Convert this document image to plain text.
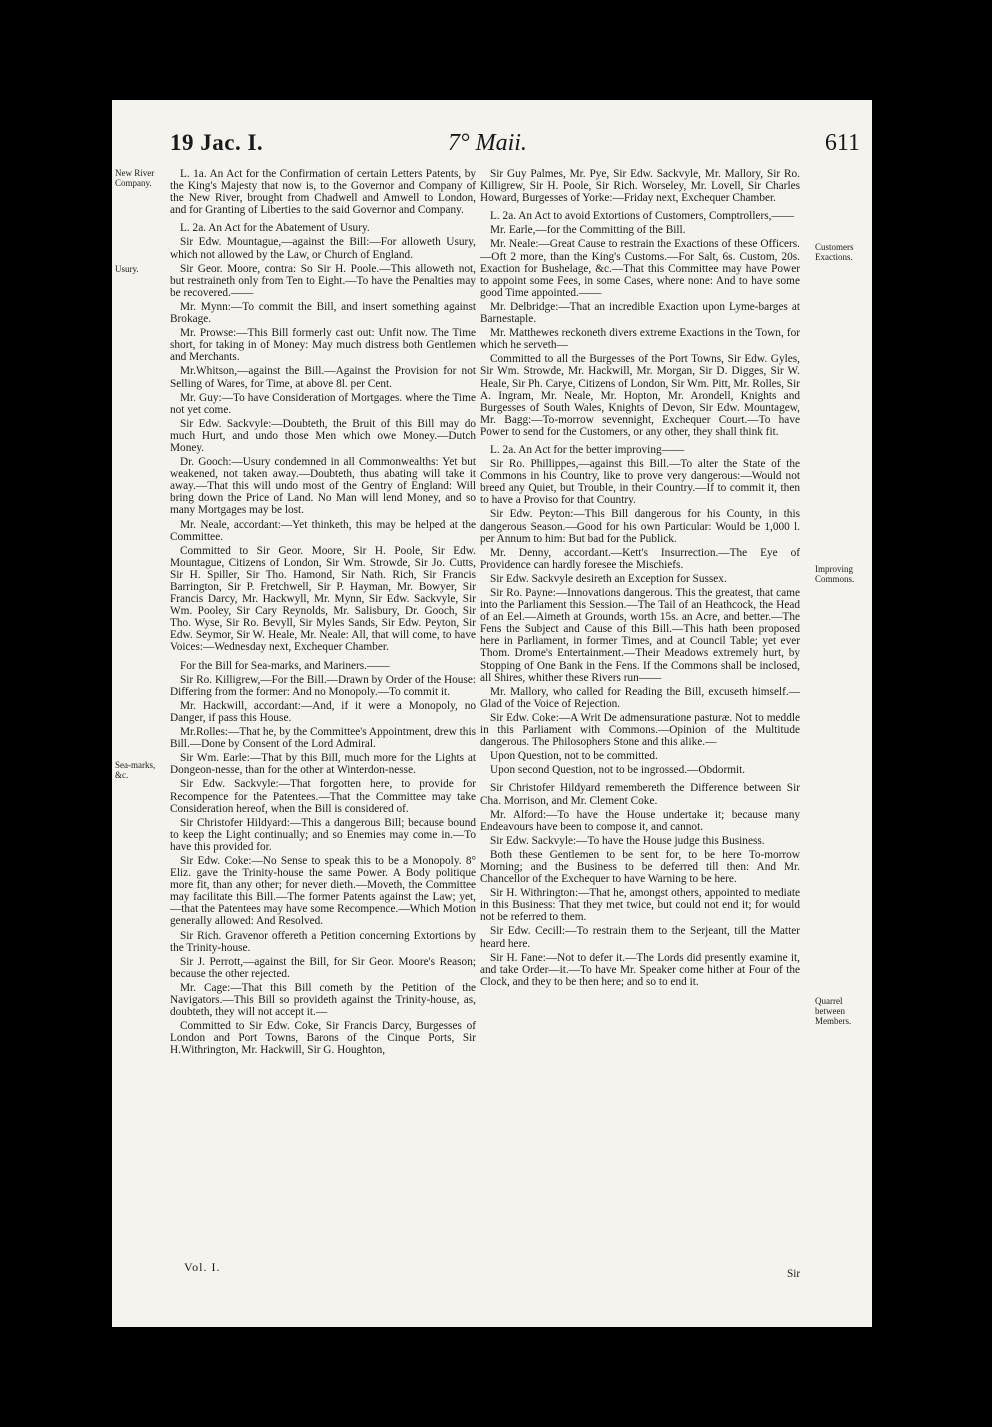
19 Jac. I.	7° Maii.	611
New River Company.
Usury.
Sea-marks, &c.
Customers Exactions.
Improving Commons.
Quarrel between Members.

L. 1a. An Act for the Confirmation of certain Letters Patents, by the King's Majesty that now is, to the Governor and Company of the New River, brought from Chadwell and Amwell to London, and for Granting of Liberties to the said Governor and Company.

L. 2a. An Act for the Abatement of Usury.

Sir Edw. Mountague,—against the Bill:—For alloweth Usury, which not allowed by the Law, or Church of England.

Sir Geor. Moore, contra: So Sir H. Poole.—This alloweth not, but restraineth only from Ten to Eight.—To have the Penalties may be recovered.——

Mr. Mynn:—To commit the Bill, and insert something against Brokage.

Mr. Prowse:—This Bill formerly cast out: Unfit now. The Time short, for taking in of Money: May much distress both Gentlemen and Merchants.

Mr.Whitson,—against the Bill.—Against the Provision for not Selling of Wares, for Time, at above 8l. per Cent.

Mr. Guy:—To have Consideration of Mortgages. where the Time not yet come.

Sir Edw. Sackvyle:—Doubteth, the Bruit of this Bill may do much Hurt, and undo those Men which owe Money.—Dutch Money.

Dr. Gooch:—Usury condemned in all Commonwealths: Yet but weakened, not taken away.—Doubteth, thus abating will take it away.—That this will undo most of the Gentry of England: Will bring down the Price of Land. No Man will lend Money, and so many Mortgages may be lost.

Mr. Neale, accordant:—Yet thinketh, this may be helped at the Committee.

Committed to Sir Geor. Moore, Sir H. Poole, Sir Edw. Mountague, Citizens of London, Sir Wm. Strowde, Sir Jo. Cutts, Sir H. Spiller, Sir Tho. Hamond, Sir Nath. Rich, Sir Francis Barrington, Sir P. Fretchwell, Sir P. Hayman, Mr. Bowyer, Sir Francis Darcy, Mr. Hackwyll, Mr. Mynn, Sir Edw. Sackvyle, Sir Wm. Pooley, Sir Cary Reynolds, Mr. Salisbury, Dr. Gooch, Sir Tho. Wyse, Sir Ro. Bevyll, Sir Myles Sands, Sir Edw. Peyton, Sir Edw. Seymor, Sir W. Heale, Mr. Neale: All, that will come, to have Voices:—Wednesday next, Exchequer Chamber.

For the Bill for Sea-marks, and Mariners.——

Sir Ro. Killigrew,—For the Bill.—Drawn by Order of the House: Differing from the former: And no Monopoly.—To commit it.

Mr. Hackwill, accordant:—And, if it were a Monopoly, no Danger, if pass this House.

Mr.Rolles:—That he, by the Committee's Appointment, drew this Bill.—Done by Consent of the Lord Admiral.

Sir Wm. Earle:—That by this Bill, much more for the Lights at Dongeon-nesse, than for the other at Winterdon-nesse.

Sir Edw. Sackvyle:—That forgotten here, to provide for Recompence for the Patentees.—That the Committee may take Consideration hereof, when the Bill is considered of.

Sir Christofer Hildyard:—This a dangerous Bill; because bound to keep the Light continually; and so Enemies may come in.—To have this provided for.

Sir Edw. Coke:—No Sense to speak this to be a Monopoly. 8° Eliz. gave the Trinity-house the same Power. A Body politique more fit, than any other; for never dieth.—Moveth, the Committee may facilitate this Bill.—The former Patents against the Law; yet,—that the Patentees may have some Recompence.—Which Motion generally allowed: And Resolved.

Sir Rich. Gravenor offereth a Petition concerning Extortions by the Trinity-house.

Sir J. Perrott,—against the Bill, for Sir Geor. Moore's Reason; because the other rejected.

Mr. Cage:—That this Bill cometh by the Petition of the Navigators.—This Bill so provideth against the Trinity-house, as, doubteth, they will not accept it.—

Committed to Sir Edw. Coke, Sir Francis Darcy, Burgesses of London and Port Towns, Barons of the Cinque Ports, Sir H.Withrington, Mr. Hackwill, Sir G. Houghton,

Sir Guy Palmes, Mr. Pye, Sir Edw. Sackvyle, Mr. Mallory, Sir Ro. Killigrew, Sir H. Poole, Sir Rich. Worseley, Mr. Lovell, Sir Charles Howard, Burgesses of Yorke:—Friday next, Exchequer Chamber.

L. 2a. An Act to avoid Extortions of Customers, Comptrollers,——

Mr. Earle,—for the Committing of the Bill.

Mr. Neale:—Great Cause to restrain the Exactions of these Officers.—Oft 2 more, than the King's Customs.—For Salt, 6s. Custom, 20s. Exaction for Bushelage, &c.—That this Committee may have Power to appoint some Fees, in some Cases, where none: And to have some good Time appointed.——

Mr. Delbridge:—That an incredible Exaction upon Lyme-barges at Barnestaple.

Mr. Matthewes reckoneth divers extreme Exactions in the Town, for which he serveth—

Committed to all the Burgesses of the Port Towns, Sir Edw. Gyles, Sir Wm. Strowde, Mr. Hackwill, Mr. Morgan, Sir D. Digges, Sir W. Heale, Sir Ph. Carye, Citizens of London, Sir Wm. Pitt, Mr. Rolles, Sir A. Ingram, Mr. Neale, Mr. Hopton, Mr. Arondell, Knights and Burgesses of South Wales, Knights of Devon, Sir Edw. Mountagew, Mr. Bagg:—To-morrow sevennight, Exchequer Court.—To have Power to send for the Customers, or any other, they shall think fit.

L. 2a. An Act for the better improving——

Sir Ro. Phillippes,—against this Bill.—To alter the State of the Commons in his Country, like to prove very dangerous:—Would not breed any Quiet, but Trouble, in their Country.—If to commit it, then to have a Proviso for that Country.

Sir Edw. Peyton:—This Bill dangerous for his County, in this dangerous Season.—Good for his own Particular: Would be 1,000 l. per Annum to him: But bad for the Publick.

Mr. Denny, accordant.—Kett's Insurrection.—The Eye of Providence can hardly foresee the Mischiefs.

Sir Edw. Sackvyle desireth an Exception for Sussex.

Sir Ro. Payne:—Innovations dangerous. This the greatest, that came into the Parliament this Session.—The Tail of an Heathcock, the Head of an Eel.—Aimeth at Grounds, worth 15s. an Acre, and better.—The Fens the Subject and Cause of this Bill.—This hath been proposed here in Parliament, in former Times, and at Council Table; yet ever Thom. Drome's Entertainment.—Their Meadows extremely hurt, by Stopping of One Bank in the Fens. If the Commons shall be inclosed, all Shires, whither these Rivers run——

Mr. Mallory, who called for Reading the Bill, excuseth himself.—Glad of the Voice of Rejection.

Sir Edw. Coke:—A Writ De admensuratione pasturæ. Not to meddle in this Parliament with Commons.—Opinion of the Multitude dangerous. The Philosophers Stone and this alike.—

Upon Question, not to be committed.

Upon second Question, not to be ingrossed.—Obdormit.

Sir Christofer Hildyard remembereth the Difference between Sir Cha. Morrison, and Mr. Clement Coke.

Mr. Alford:—To have the House undertake it; because many Endeavours have been to compose it, and cannot.

Sir Edw. Sackvyle:—To have the House judge this Business.

Both these Gentlemen to be sent for, to be here To-morrow Morning; and the Business to be deferred till then: And Mr. Chancellor of the Exchequer to have Warning to be here.

Sir H. Withrington:—That he, amongst others, appointed to mediate in this Business: That they met twice, but could not end it; for would not be referred to them.

Sir Edw. Cecill:—To restrain them to the Serjeant, till the Matter heard here.

Sir H. Fane:—Not to defer it.—The Lords did presently examine it, and take Order—it.—To have Mr. Speaker come hither at Four of the Clock, and they to be then here; and so to end it.

Vol. I.	Sir
